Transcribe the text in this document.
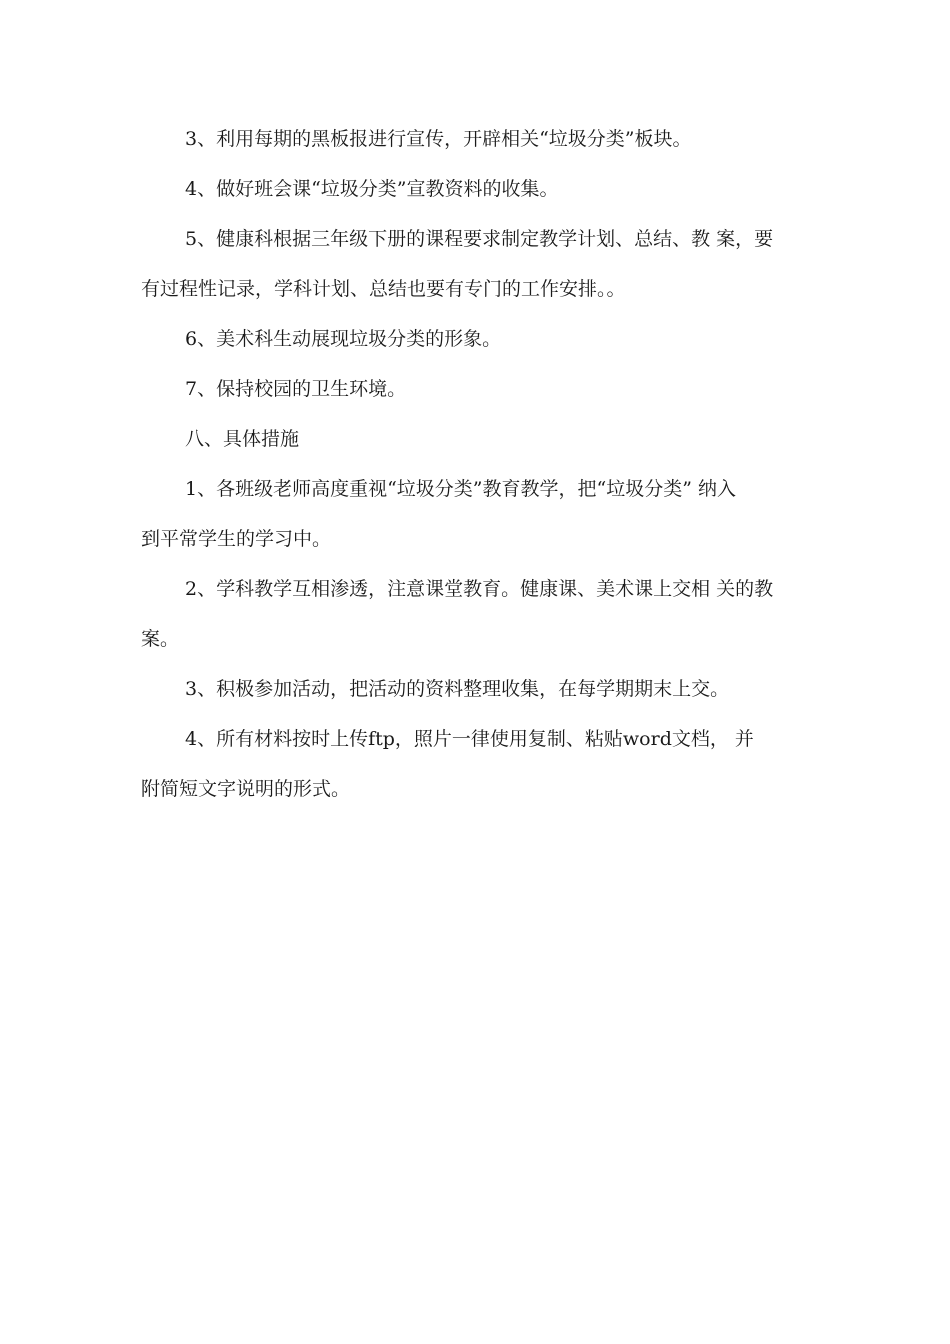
3、利用每期的黑板报进行宣传，开辟相关“垃圾分类”板块。
4、做好班会课“垃圾分类”宣教资料的收集。
5、健康科根据三年级下册的课程要求制定教学计划、总结、教 案，要
有过程性记录，学科计划、总结也要有专门的工作安排。。
6、美术科生动展现垃圾分类的形象。
7、保持校园的卫生环境。
八、具体措施
1、各班级老师高度重视“垃圾分类”教育教学，把“垃圾分类” 纳入
到平常学生的学习中。
2、学科教学互相渗透，注意课堂教育。健康课、美术课上交相 关的教
案。
3、积极参加活动，把活动的资料整理收集，在每学期期末上交。
4、所有材料按时上传ftp，照片一律使用复制、粘贴word文档， 并
附简短文字说明的形式。
